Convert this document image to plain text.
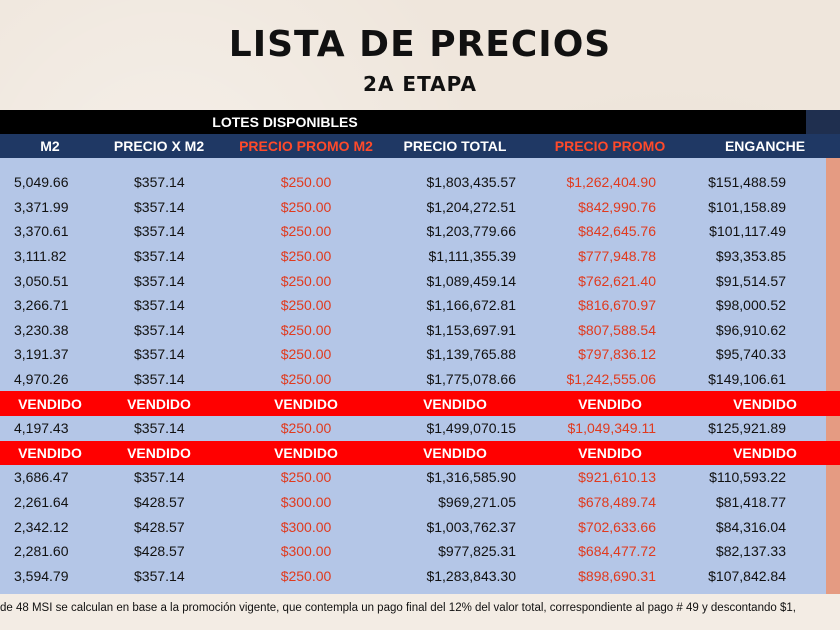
LISTA DE PRECIOS
2A ETAPA
LOTES DISPONIBLES
M2	PRECIO X M2	PRECIO PROMO M2	PRECIO TOTAL	PRECIO PROMO	ENGANCHE
5,049.66	$357.14	$250.00	$1,803,435.57	$1,262,404.90	$151,488.59
3,371.99	$357.14	$250.00	$1,204,272.51	$842,990.76	$101,158.89
3,370.61	$357.14	$250.00	$1,203,779.66	$842,645.76	$101,117.49
3,111.82	$357.14	$250.00	$1,111,355.39	$777,948.78	$93,353.85
3,050.51	$357.14	$250.00	$1,089,459.14	$762,621.40	$91,514.57
3,266.71	$357.14	$250.00	$1,166,672.81	$816,670.97	$98,000.52
3,230.38	$357.14	$250.00	$1,153,697.91	$807,588.54	$96,910.62
3,191.37	$357.14	$250.00	$1,139,765.88	$797,836.12	$95,740.33
4,970.26	$357.14	$250.00	$1,775,078.66	$1,242,555.06	$149,106.61
VENDIDO	VENDIDO	VENDIDO	VENDIDO	VENDIDO	VENDIDO
4,197.43	$357.14	$250.00	$1,499,070.15	$1,049,349.11	$125,921.89
VENDIDO	VENDIDO	VENDIDO	VENDIDO	VENDIDO	VENDIDO
3,686.47	$357.14	$250.00	$1,316,585.90	$921,610.13	$110,593.22
2,261.64	$428.57	$300.00	$969,271.05	$678,489.74	$81,418.77
2,342.12	$428.57	$300.00	$1,003,762.37	$702,633.66	$84,316.04
2,281.60	$428.57	$300.00	$977,825.31	$684,477.72	$82,137.33
3,594.79	$357.14	$250.00	$1,283,843.30	$898,690.31	$107,842.84
de 48 MSI se calculan en base a la promoción vigente, que contempla un pago final del 12% del valor total, correspondiente al pago # 49 y descontando $1,
